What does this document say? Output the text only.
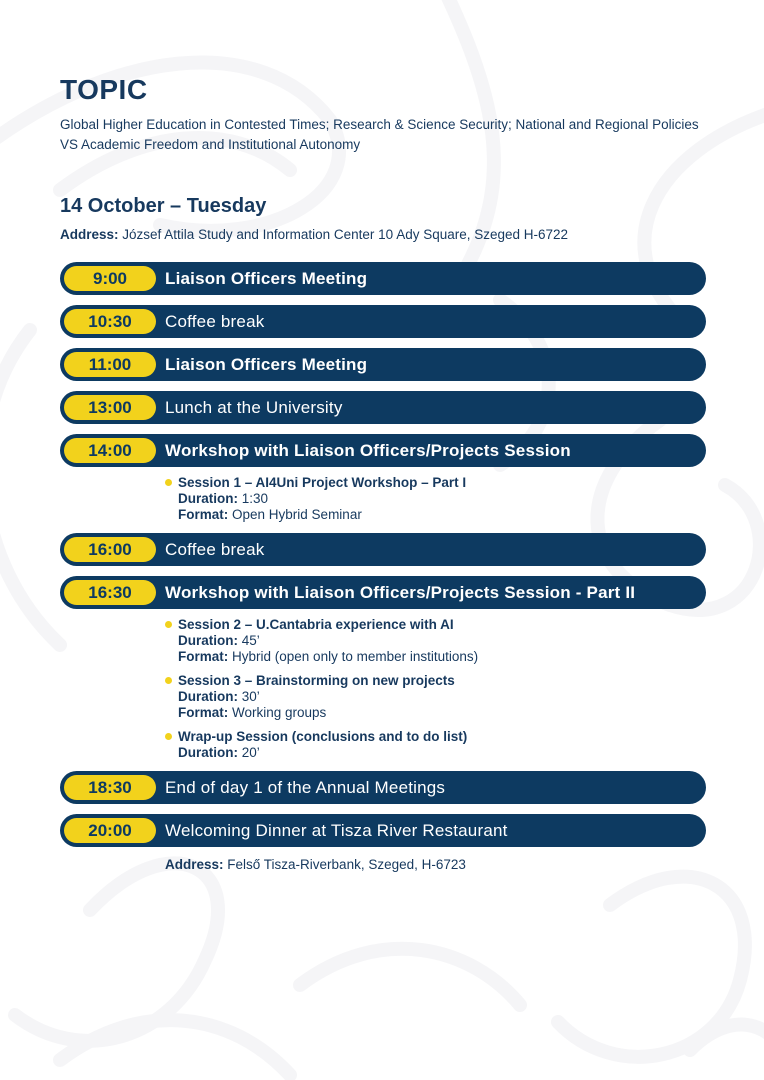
TOPIC

Global Higher Education in Contested Times; Research & Science Security; National and Regional Policies VS Academic Freedom and Institutional Autonomy

14 October – Tuesday

Address: József Attila Study and Information Center 10 Ady Square, Szeged H-6722

9:00	Liaison Officers Meeting
10:30	Coffee break
11:00	Liaison Officers Meeting
13:00	Lunch at the University
14:00	Workshop with Liaison Officers/Projects Session
Session 1 – AI4Uni Project Workshop – Part I
Duration: 1:30
Format: Open Hybrid Seminar
16:00	Coffee break
16:30	Workshop with Liaison Officers/Projects Session - Part II
Session 2 – U.Cantabria experience with AI
Duration: 45’
Format: Hybrid (open only to member institutions)
Session 3 – Brainstorming on new projects
Duration: 30’
Format: Working groups
Wrap-up Session (conclusions and to do list)
Duration: 20’
18:30	End of day 1 of the Annual Meetings
20:00	Welcoming Dinner at Tisza River Restaurant

Address: Felső Tisza-Riverbank, Szeged, H-6723
